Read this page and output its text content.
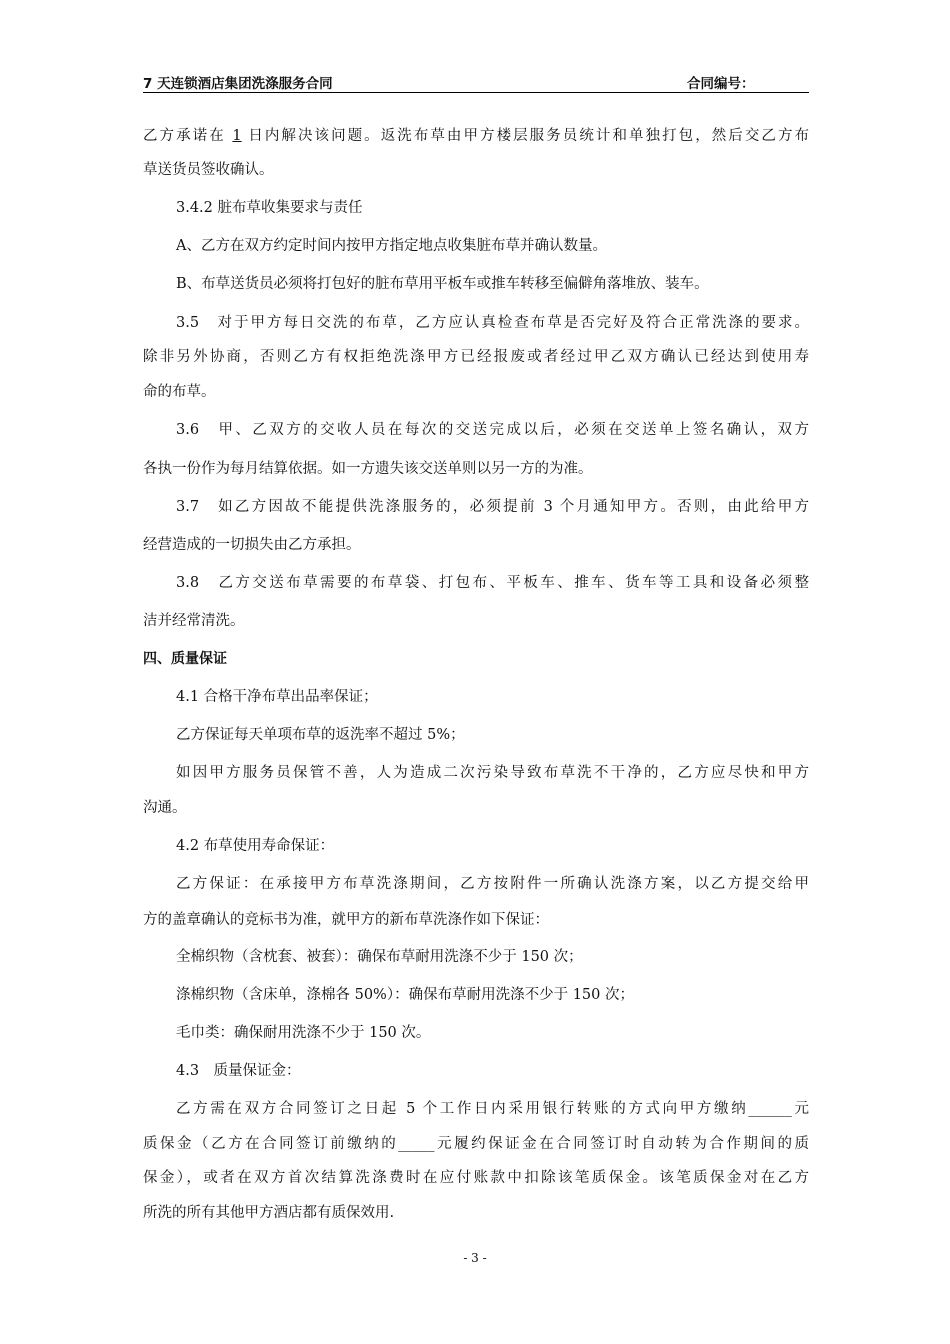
7 天连锁酒店集团洗涤服务合同	合同编号：
乙方承诺在 1 日内解决该问题。返洗布草由甲方楼层服务员统计和单独打包，然后交乙方布
草送货员签收确认。
3.4.2 脏布草收集要求与责任
A、乙方在双方约定时间内按甲方指定地点收集脏布草并确认数量。
B、布草送货员必须将打包好的脏布草用平板车或推车转移至偏僻角落堆放、装车。
3.5　对于甲方每日交洗的布草，乙方应认真检查布草是否完好及符合正常洗涤的要求。
除非另外协商，否则乙方有权拒绝洗涤甲方已经报废或者经过甲乙双方确认已经达到使用寿
命的布草。
3.6　甲、乙双方的交收人员在每次的交送完成以后，必须在交送单上签名确认，双方
各执一份作为每月结算依据。如一方遗失该交送单则以另一方的为准。
3.7　如乙方因故不能提供洗涤服务的，必须提前 3 个月通知甲方。否则，由此给甲方
经营造成的一切损失由乙方承担。
3.8　乙方交送布草需要的布草袋、打包布、平板车、推车、货车等工具和设备必须整
洁并经常清洗。
四、质量保证
4.1 合格干净布草出品率保证；
乙方保证每天单项布草的返洗率不超过 5%；
如因甲方服务员保管不善，人为造成二次污染导致布草洗不干净的，乙方应尽快和甲方
沟通。
4.2 布草使用寿命保证：
乙方保证：在承接甲方布草洗涤期间，乙方按附件一所确认洗涤方案，以乙方提交给甲
方的盖章确认的竞标书为准，就甲方的新布草洗涤作如下保证：
全棉织物（含枕套、被套）：确保布草耐用洗涤不少于 150 次；
涤棉织物（含床单，涤棉各 50%）：确保布草耐用洗涤不少于 150 次；
毛巾类：确保耐用洗涤不少于 150 次。
4.3　质量保证金：
乙方需在双方合同签订之日起 5 个工作日内采用银行转账的方式向甲方缴纳______元
质保金（乙方在合同签订前缴纳的_____元履约保证金在合同签订时自动转为合作期间的质
保金），或者在双方首次结算洗涤费时在应付账款中扣除该笔质保金。该笔质保金对在乙方
所洗的所有其他甲方酒店都有质保效用.
- 3 -
